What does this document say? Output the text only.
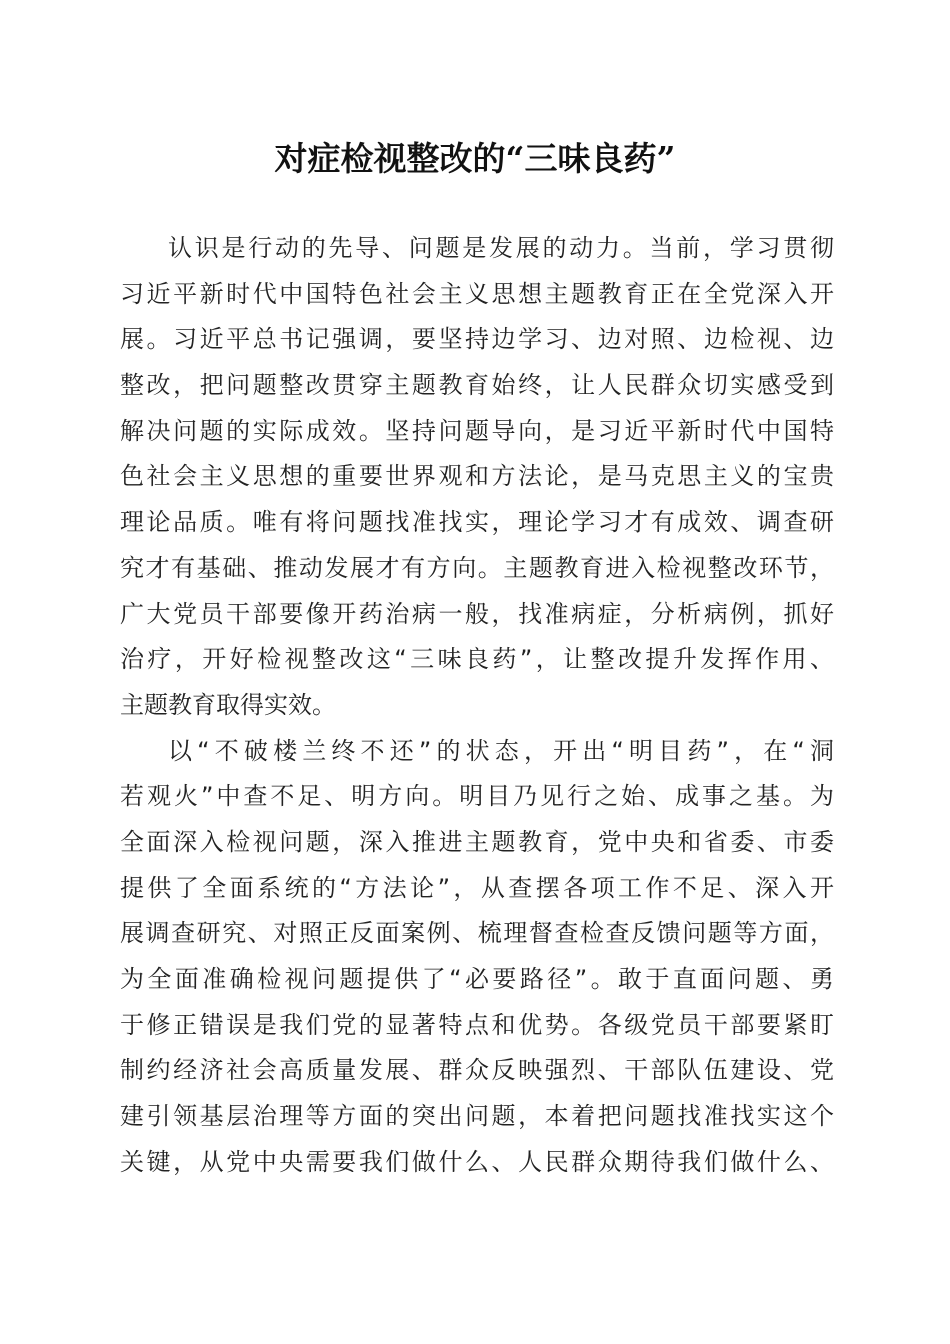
对症检视整改的“三味良药”
认识是行动的先导、问题是发展的动力。当前，学习贯彻
习近平新时代中国特色社会主义思想主题教育正在全党深入开
展。习近平总书记强调，要坚持边学习、边对照、边检视、边
整改，把问题整改贯穿主题教育始终，让人民群众切实感受到
解决问题的实际成效。坚持问题导向，是习近平新时代中国特
色社会主义思想的重要世界观和方法论，是马克思主义的宝贵
理论品质。唯有将问题找准找实，理论学习才有成效、调查研
究才有基础、推动发展才有方向。主题教育进入检视整改环节，
广大党员干部要像开药治病一般，找准病症，分析病例，抓好
治疗，开好检视整改这“三味良药”，让整改提升发挥作用、
主题教育取得实效。
以“不破楼兰终不还”的状态，开出“明目药”，在“洞
若观火”中查不足、明方向。明目乃见行之始、成事之基。为
全面深入检视问题，深入推进主题教育，党中央和省委、市委
提供了全面系统的“方法论”，从查摆各项工作不足、深入开
展调查研究、对照正反面案例、梳理督查检查反馈问题等方面，
为全面准确检视问题提供了“必要路径”。敢于直面问题、勇
于修正错误是我们党的显著特点和优势。各级党员干部要紧盯
制约经济社会高质量发展、群众反映强烈、干部队伍建设、党
建引领基层治理等方面的突出问题，本着把问题找准找实这个
关键，从党中央需要我们做什么、人民群众期待我们做什么、
